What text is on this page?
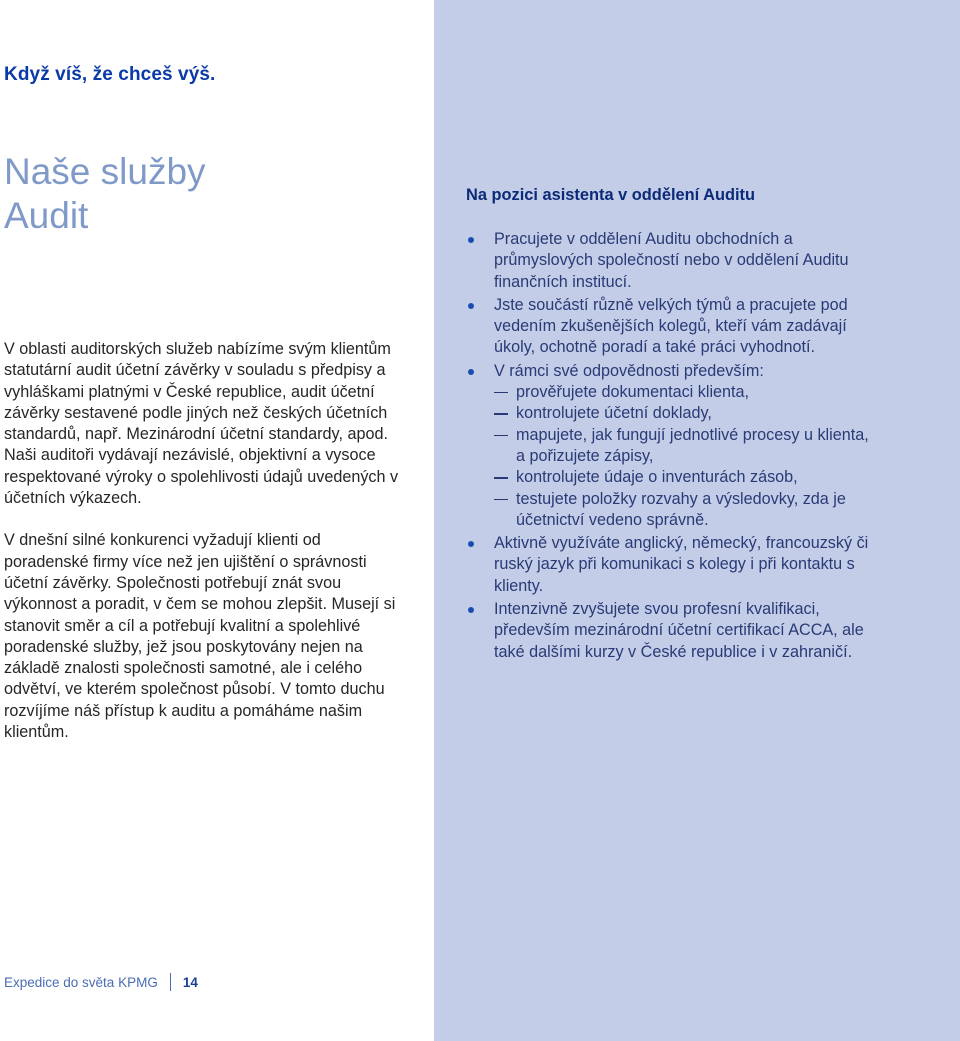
Když víš, že chceš výš.
Naše služby
Audit

V oblasti auditorských služeb nabízíme svým klientům statutární audit účetní závěrky v souladu s předpisy a vyhláškami platnými v České republice, audit účetní závěrky sestavené podle jiných než českých účetních standardů, např. Mezinárodní účetní standardy, apod. Naši auditoři vydávají nezávislé, objektivní a vysoce respektované výroky o spolehlivosti údajů uvedených v účetních výkazech.

V dnešní silné konkurenci vyžadují klienti od poradenské firmy více než jen ujištění o správnosti účetní závěrky. Společnosti potřebují znát svou výkonnost a poradit, v čem se mohou zlepšit. Musejí si stanovit směr a cíl a potřebují kvalitní a spolehlivé poradenské služby, jež jsou poskytovány nejen na základě znalosti společnosti samotné, ale i celého odvětví, ve kterém společnost působí. V tomto duchu rozvíjíme náš přístup k auditu a pomáháme našim klientům.

Na pozici asistenta v oddělení Auditu
Pracujete v oddělení Auditu obchodních a průmyslových společností nebo v oddělení Auditu finančních institucí.
Jste součástí různě velkých týmů a pracujete pod vedením zkušenějších kolegů, kteří vám zadávají úkoly, ochotně poradí a také práci vyhodnotí.
V rámci své odpovědnosti především:
prověřujete dokumentaci klienta,
kontrolujete účetní doklady,
mapujete, jak fungují jednotlivé procesy u klienta, a pořizujete zápisy,
kontrolujete údaje o inventurách zásob,
testujete položky rozvahy a výsledovky, zda je účetnictví vedeno správně.
Aktivně využíváte anglický, německý, francouzský či ruský jazyk při komunikaci s kolegy i při kontaktu s klienty.
Intenzivně zvyšujete svou profesní kvalifikaci, především mezinárodní účetní certifikací ACCA, ale také dalšími kurzy v České republice i v zahraničí.
Expedice do světa KPMG 14
